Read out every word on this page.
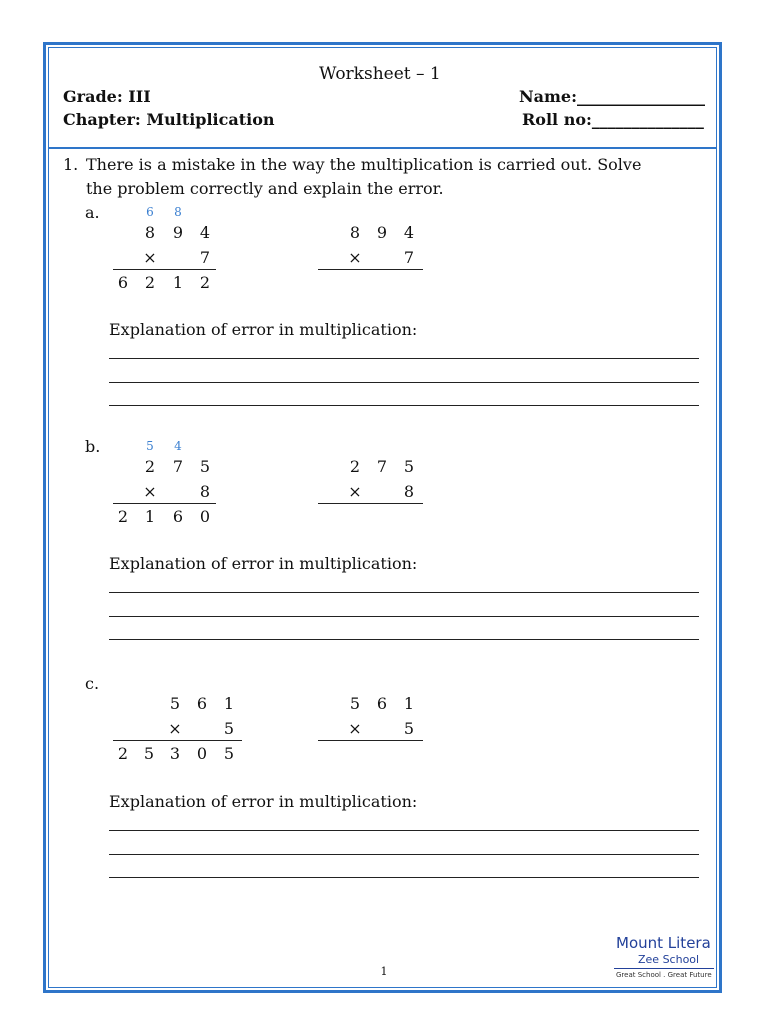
Worksheet – 1
Grade: III
Chapter: Multiplication
Name:________________
Roll no:______________
1. There is a mistake in the way the multiplication is carried out. Solve
the problem correctly and explain the error.
a.	6	8
8	9	4
×	7
6	2	1	2
8	9	4
×	7
Explanation of error in multiplication:
b.	5	4
2	7	5
×	8
2	1	6	0
2	7	5
×	8
Explanation of error in multiplication:
c.
5	6	1
×	5
2 5 3	0	5
5	6	1
×	5
Explanation of error in multiplication:
1
Mount Litera
Zee School
Great School . Great Future
